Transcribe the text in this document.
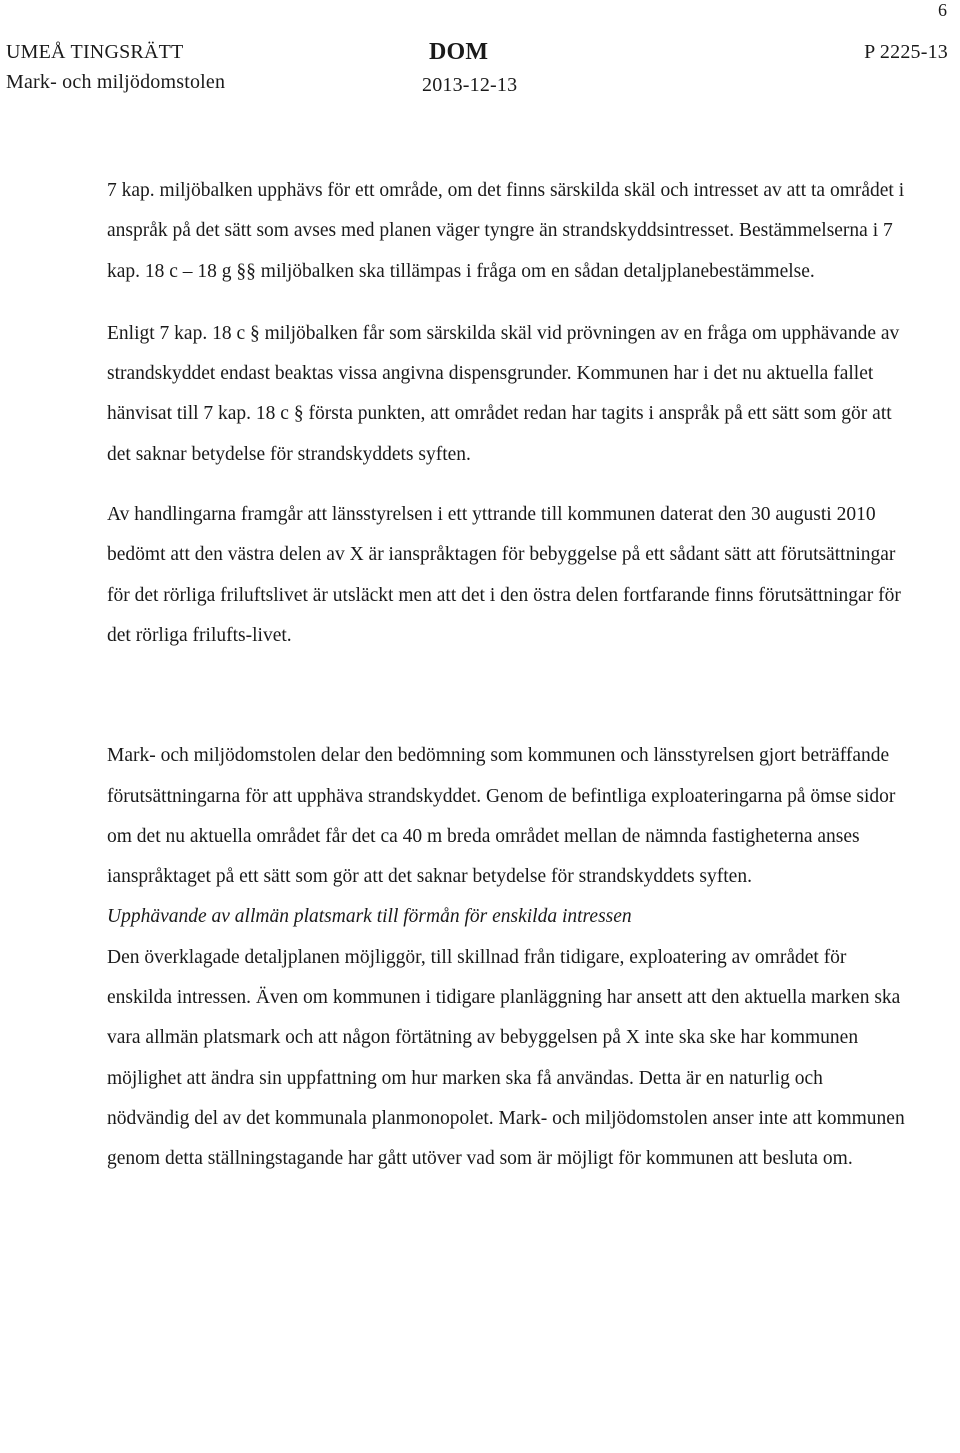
6
UMEÅ TINGSRÄTT
Mark- och miljödomstolen
DOM
2013-12-13
P 2225-13

7 kap. miljöbalken upphävs för ett område, om det finns särskilda skäl och intresset av att ta området i anspråk på det sätt som avses med planen väger tyngre än strandskyddsintresset. Bestämmelserna i 7 kap. 18 c – 18 g §§ miljöbalken ska tillämpas i fråga om en sådan detaljplanebestämmelse.

Enligt 7 kap. 18 c § miljöbalken får som särskilda skäl vid prövningen av en fråga om upphävande av strandskyddet endast beaktas vissa angivna dispensgrunder. Kommunen har i det nu aktuella fallet hänvisat till 7 kap. 18 c § första punkten, att området redan har tagits i anspråk på ett sätt som gör att det saknar betydelse för strandskyddets syften.

Av handlingarna framgår att länsstyrelsen i ett yttrande till kommunen daterat den 30 augusti 2010 bedömt att den västra delen av X är ianspråktagen för bebyggelse på ett sådant sätt att förutsättningar för det rörliga friluftslivet är utsläckt men att det i den östra delen fortfarande finns förutsättningar för det rörliga frilufts-livet.

Mark- och miljödomstolen delar den bedömning som kommunen och länsstyrelsen gjort beträffande förutsättningarna för att upphäva strandskyddet. Genom de befintliga exploateringarna på ömse sidor om det nu aktuella området får det ca 40 m breda området mellan de nämnda fastigheterna anses ianspråktaget på ett sätt som gör att det saknar betydelse för strandskyddets syften.

Upphävande av allmän platsmark till förmån för enskilda intressen

Den överklagade detaljplanen möjliggör, till skillnad från tidigare, exploatering av området för enskilda intressen. Även om kommunen i tidigare planläggning har ansett att den aktuella marken ska vara allmän platsmark och att någon förtätning av bebyggelsen på X inte ska ske har kommunen möjlighet att ändra sin uppfattning om hur marken ska få användas. Detta är en naturlig och nödvändig del av det kommunala planmonopolet. Mark- och miljödomstolen anser inte att kommunen genom detta ställningstagande har gått utöver vad som är möjligt för kommunen att besluta om.
